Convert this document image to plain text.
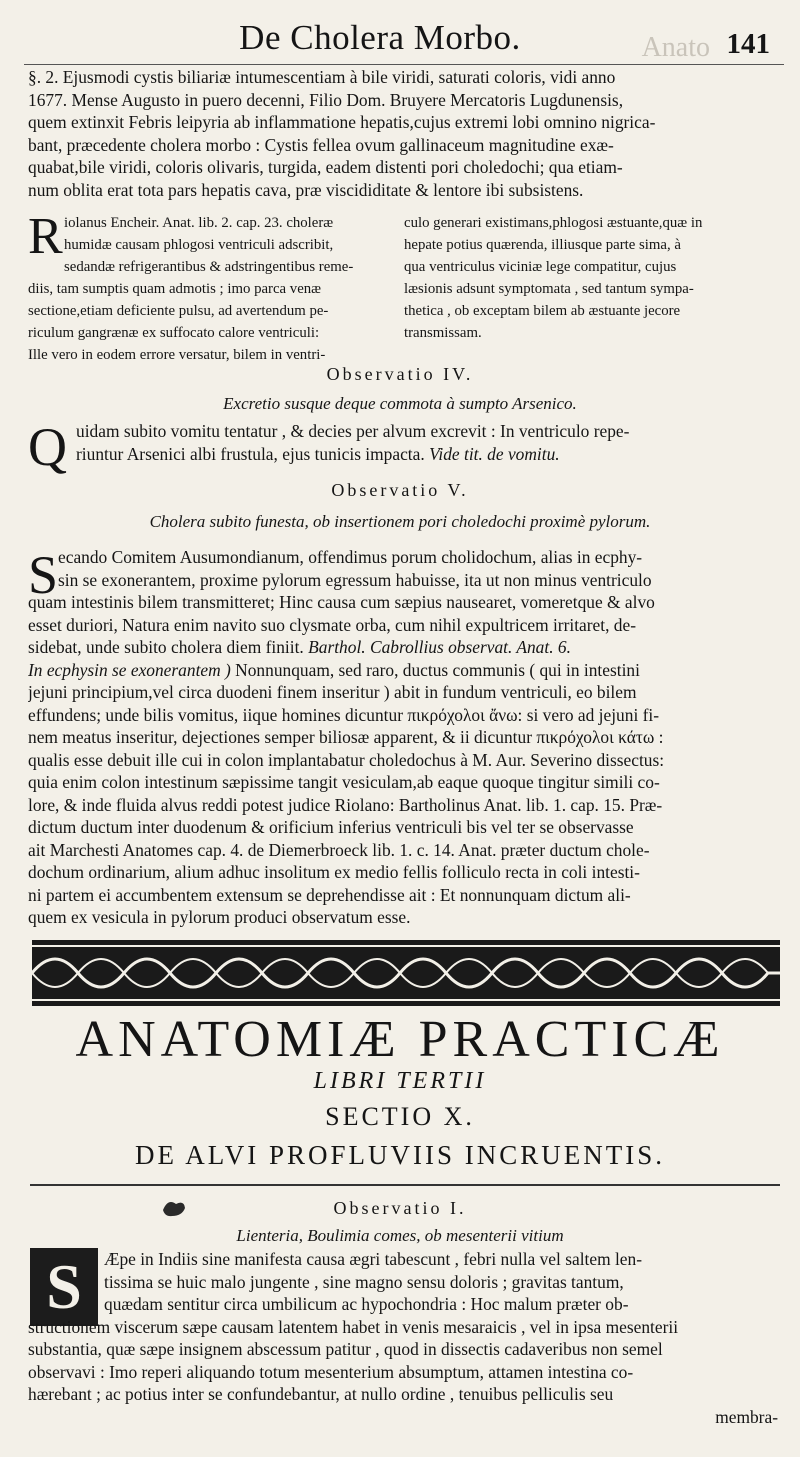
De Cholera Morbo.	Anato 141
§. 2. Ejusmodi cystis biliariæ intumescentiam à bile viridi, saturati coloris, vidi anno
1677. Mense Augusto in puero decenni, Filio Dom. Bruyere Mercatoris Lugdunensis,
quem extinxit Febris leipyria ab inflammatione hepatis,cujus extremi lobi omnino nigrica-
bant, præcedente cholera morbo : Cystis fellea ovum gallinaceum magnitudine exæ-
quabat,bile viridi, coloris olivaris, turgida, eadem distenti pori choledochi; qua etiam-
num oblita erat tota pars hepatis cava, præ viscididitate & lentore ibi subsistens.
R iolanus Encheir. Anat. lib. 2. cap. 23. choleræ
humidæ causam phlogosi ventriculi adscribit,
sedandæ refrigerantibus & adstringentibus reme-
diis, tam sumptis quam admotis ; imo parca venæ
sectione,etiam deficiente pulsu, ad avertendum pe-
riculum gangrænæ ex suffocato calore ventriculi:
Ille vero in eodem errore versatur, bilem in ventri-
culo generari existimans,phlogosi æstuante,quæ in
hepate potius quærenda, illiusque parte sima, à
qua ventriculus viciniæ lege compatitur, cujus
læsionis adsunt symptomata , sed tantum sympa-
thetica , ob exceptam bilem ab æstuante jecore
transmissam.
Observatio IV.
Excretio susque deque commota à sumpto Arsenico.
Q uidam subito vomitu tentatur , & decies per alvum excrevit : In ventriculo repe-
riuntur Arsenici albi frustula, ejus tunicis impacta. Vide tit. de vomitu.
Observatio V.
Cholera subito funesta, ob insertionem pori choledochi proximè pylorum.
S ecando Comitem Ausumondianum, offendimus porum cholidochum, alias in ecphy-
sin se exonerantem, proxime pylorum egressum habuisse, ita ut non minus ventriculo
quam intestinis bilem transmitteret; Hinc causa cum sæpius nausearet, vomeretque & alvo
esset duriori, Natura enim navito suo clysmate orba, cum nihil expultricem irritaret, de-
sidebat, unde subito cholera diem finiit. Barthol. Cabrollius observat. Anat. 6.
In ecphysin se exonerantem ) Nonnunquam, sed raro, ductus communis ( qui in intestini
jejuni principium,vel circa duodeni finem inseritur ) abit in fundum ventriculi, eo bilem
effundens; unde bilis vomitus, iique homines dicuntur πικρόχολοι ἄνω: si vero ad jejuni fi-
nem meatus inseritur, dejectiones semper biliosæ apparent, & ii dicuntur πικρόχολοι κάτω :
qualis esse debuit ille cui in colon implantabatur choledochus à M. Aur. Severino dissectus:
quia enim colon intestinum sæpissime tangit vesiculam,ab eaque quoque tingitur simili co-
lore, & inde fluida alvus reddi potest judice Riolano: Bartholinus Anat. lib. 1. cap. 15. Præ-
dictum ductum inter duodenum & orificium inferius ventriculi bis vel ter se observasse
ait Marchesti Anatomes cap. 4. de Diemerbroeck lib. 1. c. 14. Anat. præter ductum chole-
dochum ordinarium, alium adhuc insolitum ex medio fellis folliculo recta in coli intesti-
ni partem ei accumbentem extensum se deprehendisse ait : Et nonnunquam dictum ali-
quem ex vesicula in pylorum produci observatum esse.
ANATOMIÆ PRACTICÆ
LIBRI TERTII
SECTIO X.
DE ALVI PROFLUVIIS INCRUENTIS.
Observatio I.
Lienteria, Boulimia comes, ob mesenterii vitium
S	Æpe in Indiis sine manifesta causa ægri tabescunt , febri nulla vel saltem len-
tissima se huic malo jungente , sine magno sensu doloris ; gravitas tantum,
quædam sentitur circa umbilicum ac hypochondria : Hoc malum præter ob-
structionem viscerum sæpe causam latentem habet in venis mesaraicis , vel in ipsa mesenterii
substantia, quæ sæpe insignem abscessum patitur , quod in dissectis cadaveribus non semel
observavi : Imo reperi aliquando totum mesenterium absumptum, attamen intestina co-
hærebant ; ac potius inter se confundebantur, at nullo ordine , tenuibus pelliculis seu
membra-
